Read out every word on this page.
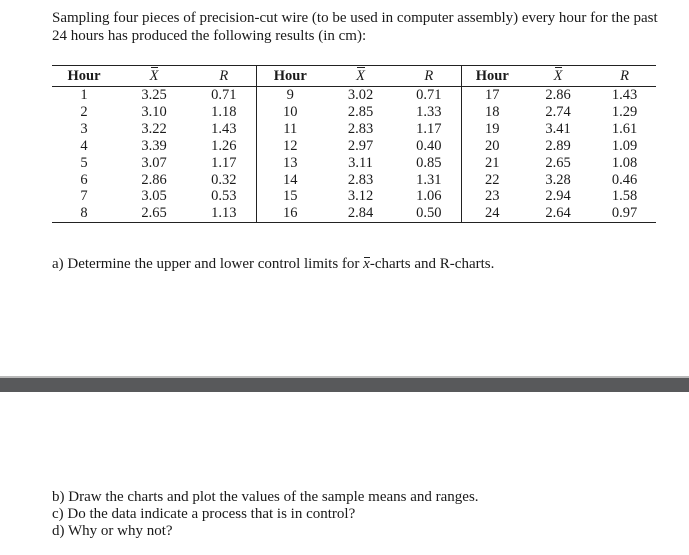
Sampling four pieces of precision-cut wire (to be used in computer assembly) every hour for the past 24 hours has produced the following results (in cm):

Hour	X	R	Hour	X	R	Hour	X	R
1	3.25	0.71	9	3.02	0.71	17	2.86	1.43
2	3.10	1.18	10	2.85	1.33	18	2.74	1.29
3	3.22	1.43	11	2.83	1.17	19	3.41	1.61
4	3.39	1.26	12	2.97	0.40	20	2.89	1.09
5	3.07	1.17	13	3.11	0.85	21	2.65	1.08
6	2.86	0.32	14	2.83	1.31	22	3.28	0.46
7	3.05	0.53	15	3.12	1.06	23	2.94	1.58
8	2.65	1.13	16	2.84	0.50	24	2.64	0.97

a) Determine the upper and lower control limits for x-charts and R-charts.

b) Draw the charts and plot the values of the sample means and ranges.

c) Do the data indicate a process that is in control?

d) Why or why not?
